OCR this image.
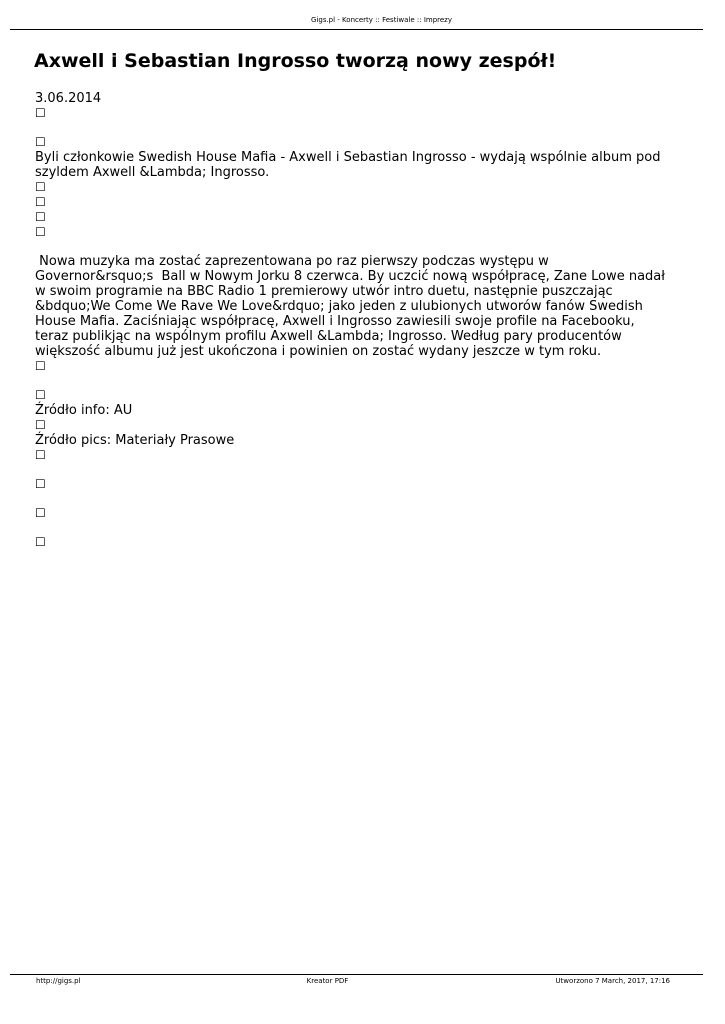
Gigs.pl - Koncerty :: Festiwale :: Imprezy
Axwell i Sebastian Ingrosso tworzą nowy zespół!

3.06.2014

☐
☐

Byli członkowie Swedish House Mafia - Axwell i Sebastian Ingrosso - wydają wspólnie album pod szyldem Axwell &Lambda; Ingrosso.

☐
☐
☐
☐

Nowa muzyka ma zostać zaprezentowana po raz pierwszy podczas występu w Governor&rsquo;s  Ball w Nowym Jorku 8 czerwca. By uczcić nową współpracę, Zane Lowe nadał w swoim programie na BBC Radio 1 premierowy utwór intro duetu, następnie puszczając &bdquo;We Come We Rave We Love&rdquo; jako jeden z ulubionych utworów fanów Swedish House Mafia. Zaciśniając współpracę, Axwell i Ingrosso zawiesili swoje profile na Facebooku, teraz publikjąc na wspólnym profilu Axwell &Lambda; Ingrosso. Według pary producentów większość albumu już jest ukończona i powinien on zostać wydany jeszcze w tym roku.

☐
☐

Źródło info: AU

☐

Źródło pics: Materiały Prasowe

☐
☐
☐
☐
http://gigs.pl	Kreator PDF	Utworzono 7 March, 2017, 17:16
